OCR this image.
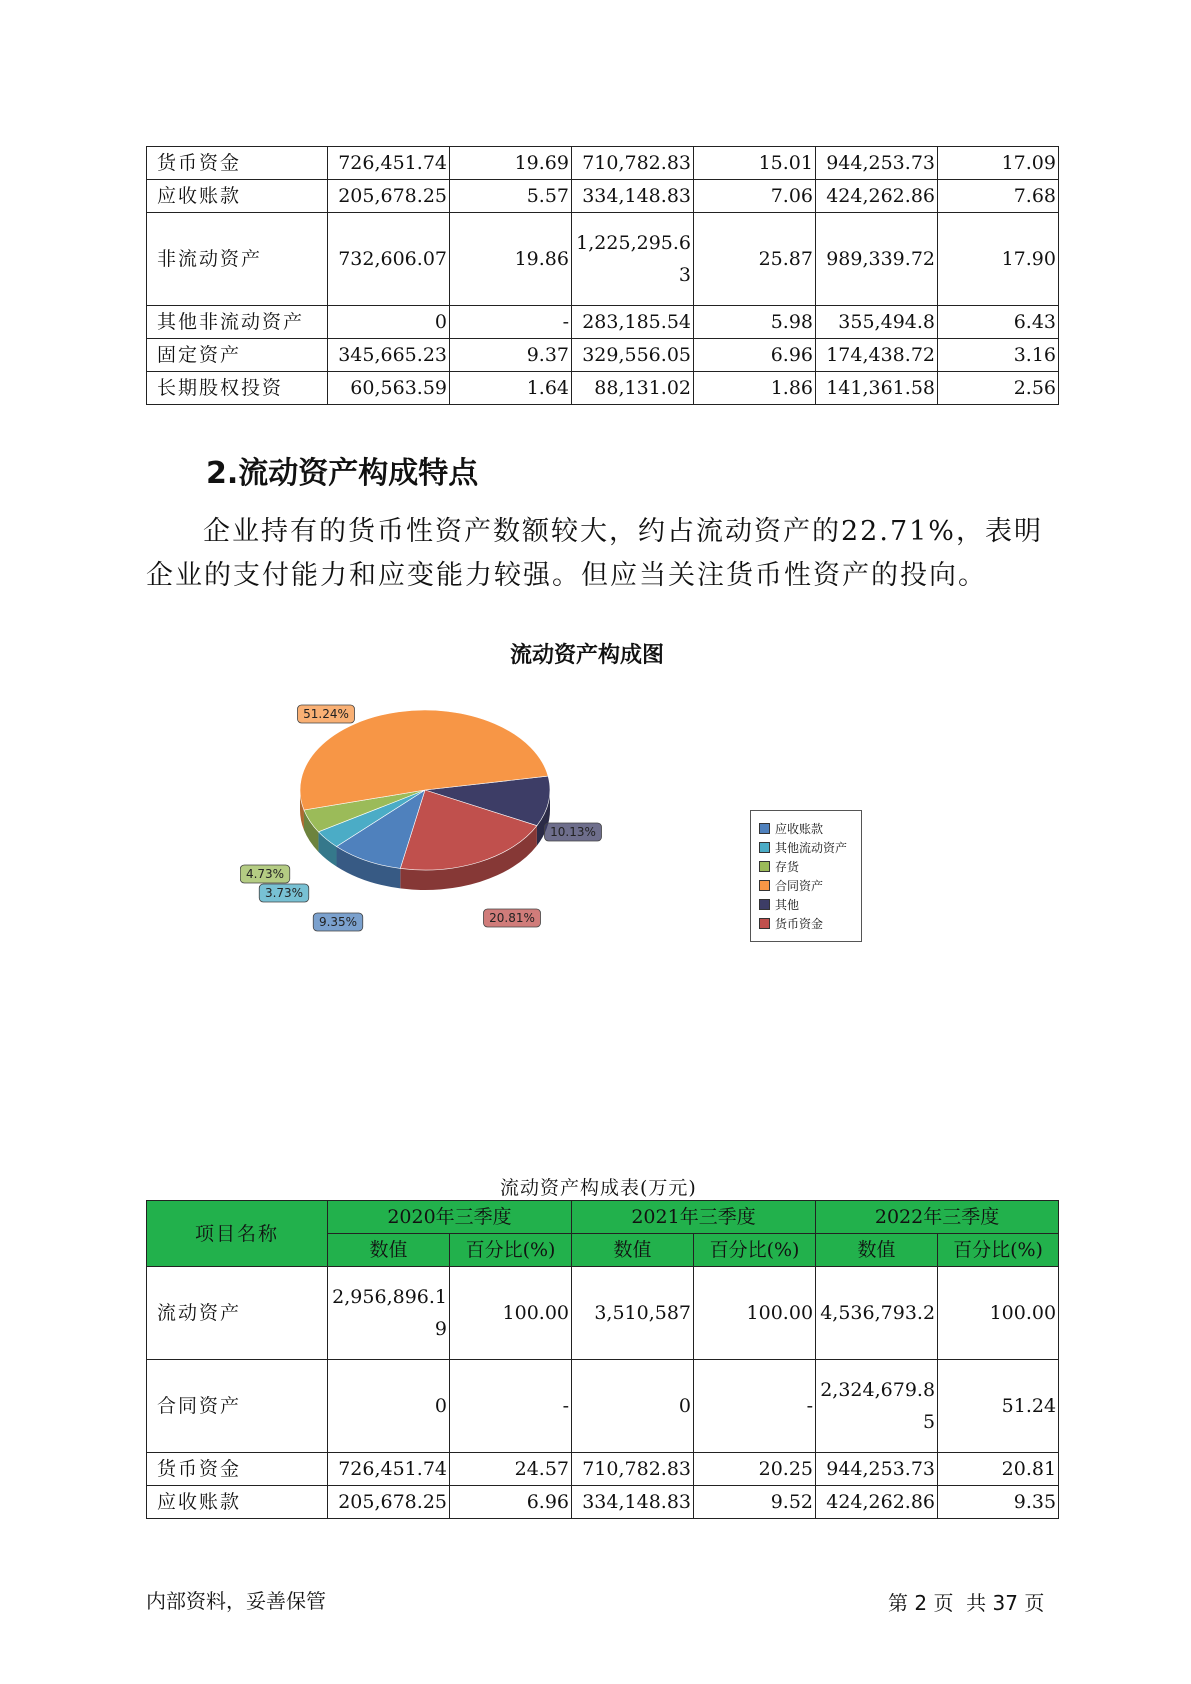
货币资金	726,451.74	19.69	710,782.83	15.01	944,253.73	17.09
应收账款	205,678.25	5.57	334,148.83	7.06	424,262.86	7.68
非流动资产	732,606.07	19.86	1,225,295.63	25.87	989,339.72	17.90
其他非流动资产	0	-	283,185.54	5.98	355,494.8	6.43
固定资产	345,665.23	9.37	329,556.05	6.96	174,438.72	3.16
长期股权投资	60,563.59	1.64	88,131.02	1.86	141,361.58	2.56
2.流动资产构成特点
企业持有的货币性资产数额较大，约占流动资产的22.71%，表明企业的支付能力和应变能力较强。但应当关注货币性资产的投向。
流动资产构成图
10.13%
20.81%
9.35%
3.73%
4.73%
51.24%
应收账款
其他流动资产
存货
合同资产
其他
货币资金
流动资产构成表(万元)
项目名称	2020年三季度		2021年三季度		2022年三季度	
	数值	百分比(%)	数值	百分比(%)	数值	百分比(%)
流动资产	2,956,896.19	100.00	3,510,587	100.00	4,536,793.2	100.00
合同资产	0	-	0	-	2,324,679.85	51.24
货币资金	726,451.74	24.57	710,782.83	20.25	944,253.73	20.81
应收账款	205,678.25	6.96	334,148.83	9.52	424,262.86	9.35
内部资料，妥善保管	第 2 页  共 37 页
